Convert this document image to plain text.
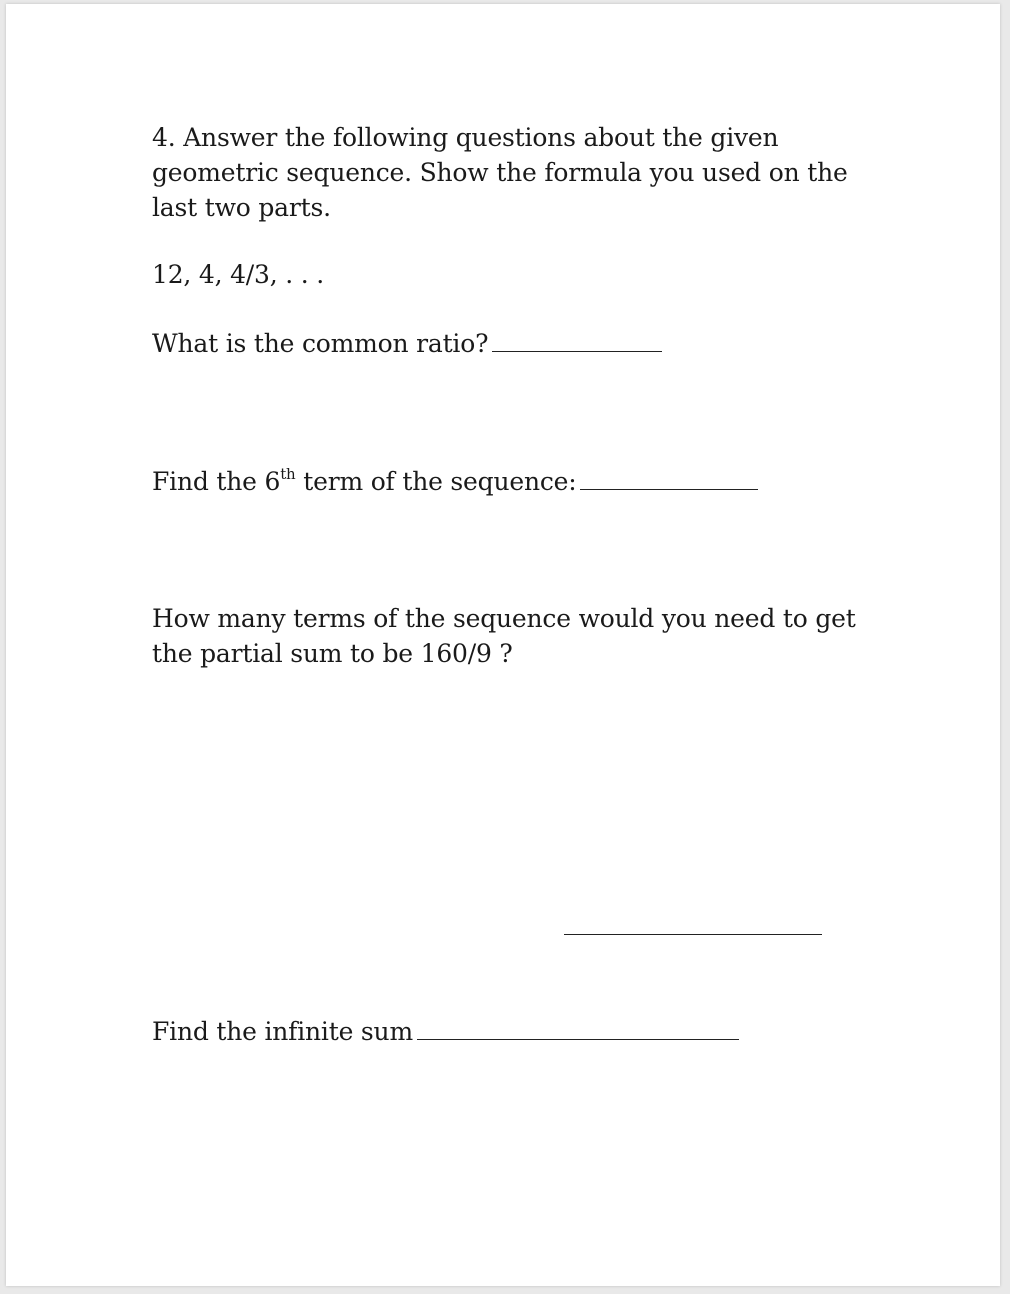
4. Answer the following questions about the given
geometric sequence. Show the formula you used on the
last two parts.
12, 4, 4/3, . . .
What is the common ratio?
Find the 6th term of the sequence:
How many terms of the sequence would you need to get
the partial sum to be 160/9 ?
Find the infinite sum
